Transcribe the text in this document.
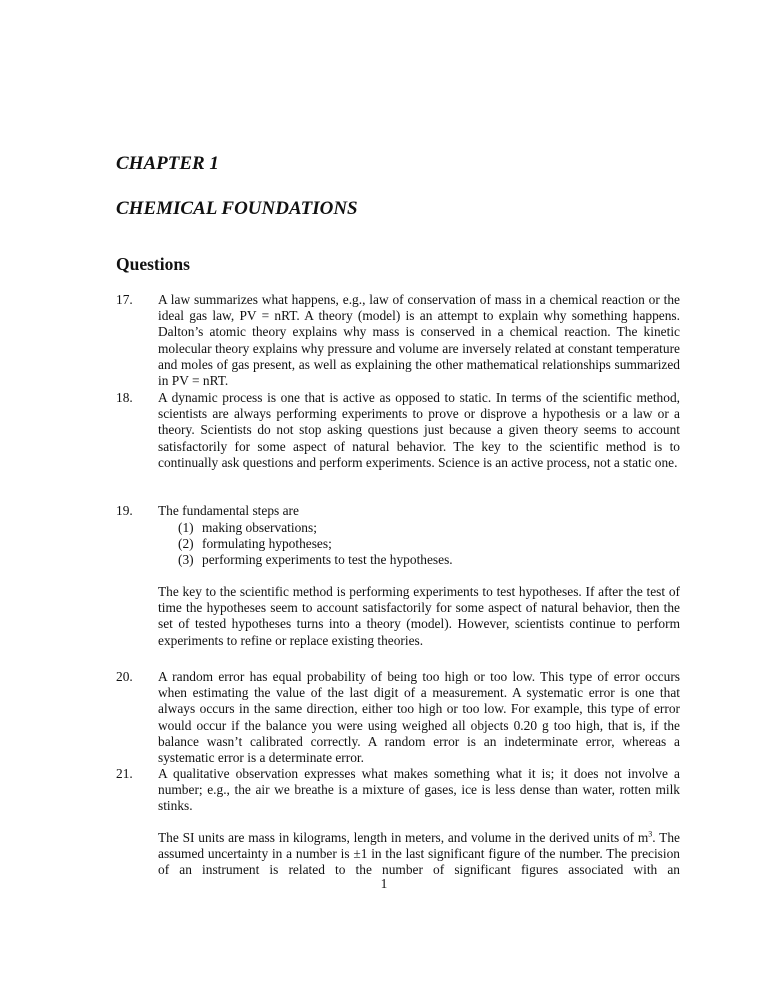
CHAPTER 1
CHEMICAL FOUNDATIONS
Questions
17. A law summarizes what happens, e.g., law of conservation of mass in a chemical reaction or the ideal gas law, PV = nRT. A theory (model) is an attempt to explain why something happens. Dalton’s atomic theory explains why mass is conserved in a chemical reaction. The kinetic molecular theory explains why pressure and volume are inversely related at constant temperature and moles of gas present, as well as explaining the other mathematical relationships summarized in PV = nRT.
18. A dynamic process is one that is active as opposed to static. In terms of the scientific method, scientists are always performing experiments to prove or disprove a hypothesis or a law or a theory. Scientists do not stop asking questions just because a given theory seems to account satisfactorily for some aspect of natural behavior. The key to the scientific method is to continually ask questions and perform experiments. Science is an active process, not a static one.
19. The fundamental steps are
(1) making observations;
(2) formulating hypotheses;
(3) performing experiments to test the hypotheses.
The key to the scientific method is performing experiments to test hypotheses. If after the test of time the hypotheses seem to account satisfactorily for some aspect of natural behavior, then the set of tested hypotheses turns into a theory (model). However, scientists continue to perform experiments to refine or replace existing theories.
20. A random error has equal probability of being too high or too low. This type of error occurs when estimating the value of the last digit of a measurement. A systematic error is one that always occurs in the same direction, either too high or too low. For example, this type of error would occur if the balance you were using weighed all objects 0.20 g too high, that is, if the balance wasn’t calibrated correctly. A random error is an indeterminate error, whereas a systematic error is a determinate error.
21. A qualitative observation expresses what makes something what it is; it does not involve a number; e.g., the air we breathe is a mixture of gases, ice is less dense than water, rotten milk stinks.
The SI units are mass in kilograms, length in meters, and volume in the derived units of $m^3$. The assumed uncertainty in a number is ±1 in the last significant figure of the number. The precision of an instrument is related to the number of significant figures associated with an
1
